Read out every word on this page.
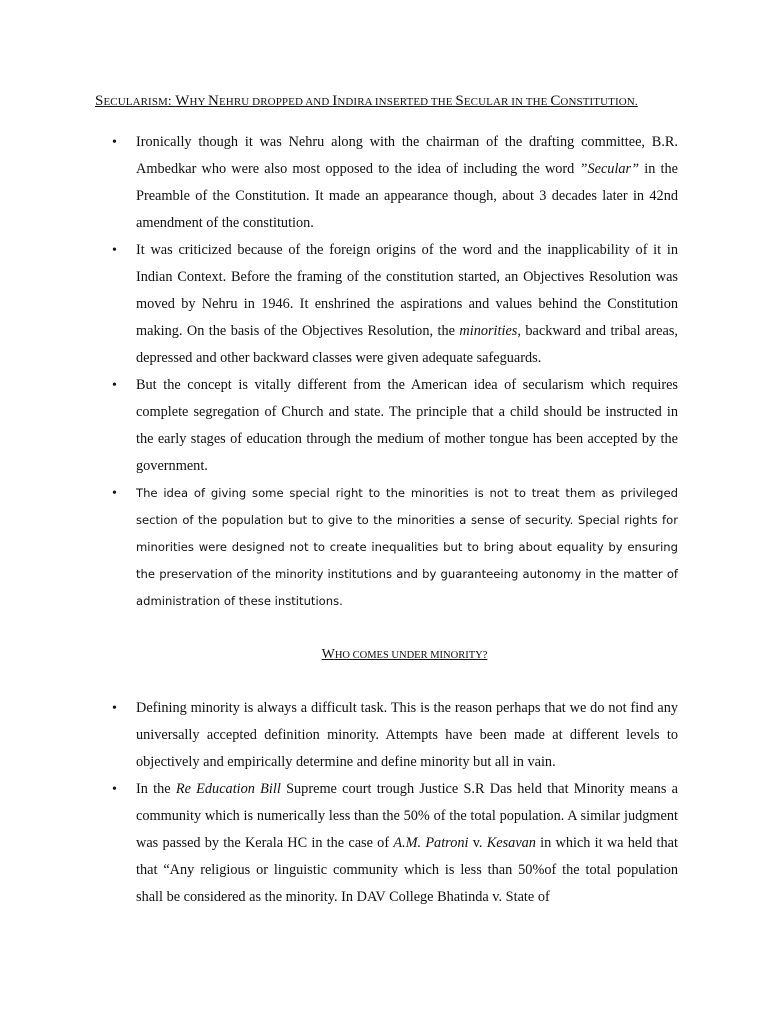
SECULARISM: WHY NEHRU DROPPED AND INDIRA INSERTED THE SECULAR IN THE CONSTITUTION.
• Ironically though it was Nehru along with the chairman of the drafting committee, B.R. Ambedkar who were also most opposed to the idea of including the word ”Secular” in the Preamble of the Constitution. It made an appearance though, about 3 decades later in 42nd amendment of the constitution.
• It was criticized because of the foreign origins of the word and the inapplicability of it in Indian Context. Before the framing of the constitution started, an Objectives Resolution was moved by Nehru in 1946. It enshrined the aspirations and values behind the Constitution making. On the basis of the Objectives Resolution, the minorities, backward and tribal areas, depressed and other backward classes were given adequate safeguards.
• But the concept is vitally different from the American idea of secularism which requires complete segregation of Church and state. The principle that a child should be instructed in the early stages of education through the medium of mother tongue has been accepted by the government.
• The idea of giving some special right to the minorities is not to treat them as privileged section of the population but to give to the minorities a sense of security. Special rights for minorities were designed not to create inequalities but to bring about equality by ensuring the preservation of the minority institutions and by guaranteeing autonomy in the matter of administration of these institutions.
WHO COMES UNDER MINORITY?
• Defining minority is always a difficult task. This is the reason perhaps that we do not find any universally accepted definition minority. Attempts have been made at different levels to objectively and empirically determine and define minority but all in vain.
• In the Re Education Bill Supreme court trough Justice S.R Das held that Minority means a community which is numerically less than the 50% of the total population. A similar judgment was passed by the Kerala HC in the case of A.M. Patroni v. Kesavan in which it wa held that that “Any religious or linguistic community which is less than 50%of the total population shall be considered as the minority. In DAV College Bhatinda v. State of
